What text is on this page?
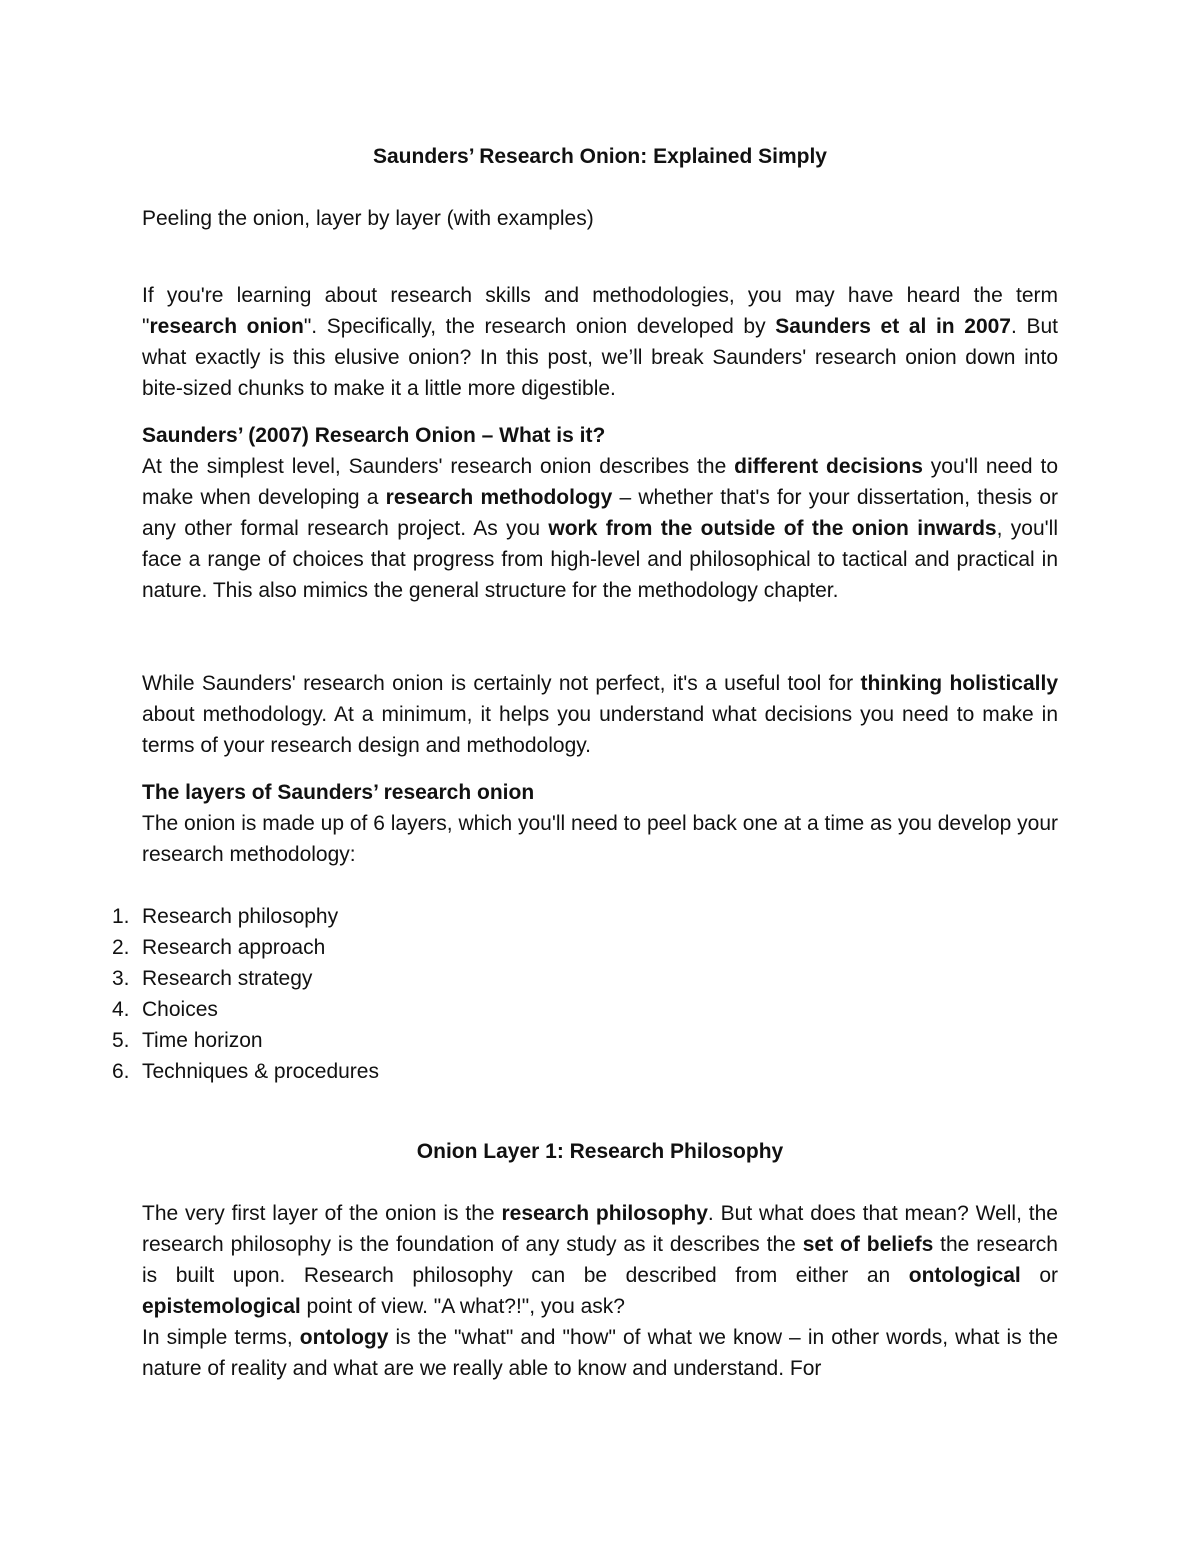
Saunders’ Research Onion: Explained Simply

Peeling the onion, layer by layer (with examples)

If you're learning about research skills and methodologies, you may have heard the term "research onion". Specifically, the research onion developed by Saunders et al in 2007. But what exactly is this elusive onion? In this post, we’ll break Saunders' research onion down into bite-sized chunks to make it a little more digestible.

Saunders’ (2007) Research Onion – What is it?

At the simplest level, Saunders' research onion describes the different decisions you'll need to make when developing a research methodology – whether that's for your dissertation, thesis or any other formal research project. As you work from the outside of the onion inwards, you'll face a range of choices that progress from high-level and philosophical to tactical and practical in nature. This also mimics the general structure for the methodology chapter.

While Saunders' research onion is certainly not perfect, it's a useful tool for thinking holistically about methodology. At a minimum, it helps you understand what decisions you need to make in terms of your research design and methodology.

The layers of Saunders’ research onion

The onion is made up of 6 layers, which you'll need to peel back one at a time as you develop your research methodology:

1. Research philosophy
2. Research approach
3. Research strategy
4. Choices
5. Time horizon
6. Techniques & procedures
Onion Layer 1: Research Philosophy

The very first layer of the onion is the research philosophy. But what does that mean? Well, the research philosophy is the foundation of any study as it describes the set of beliefs the research is built upon. Research philosophy can be described from either an ontological or epistemological point of view. "A what?!", you ask?

In simple terms, ontology is the "what" and "how" of what we know – in other words, what is the nature of reality and what are we really able to know and understand. For
